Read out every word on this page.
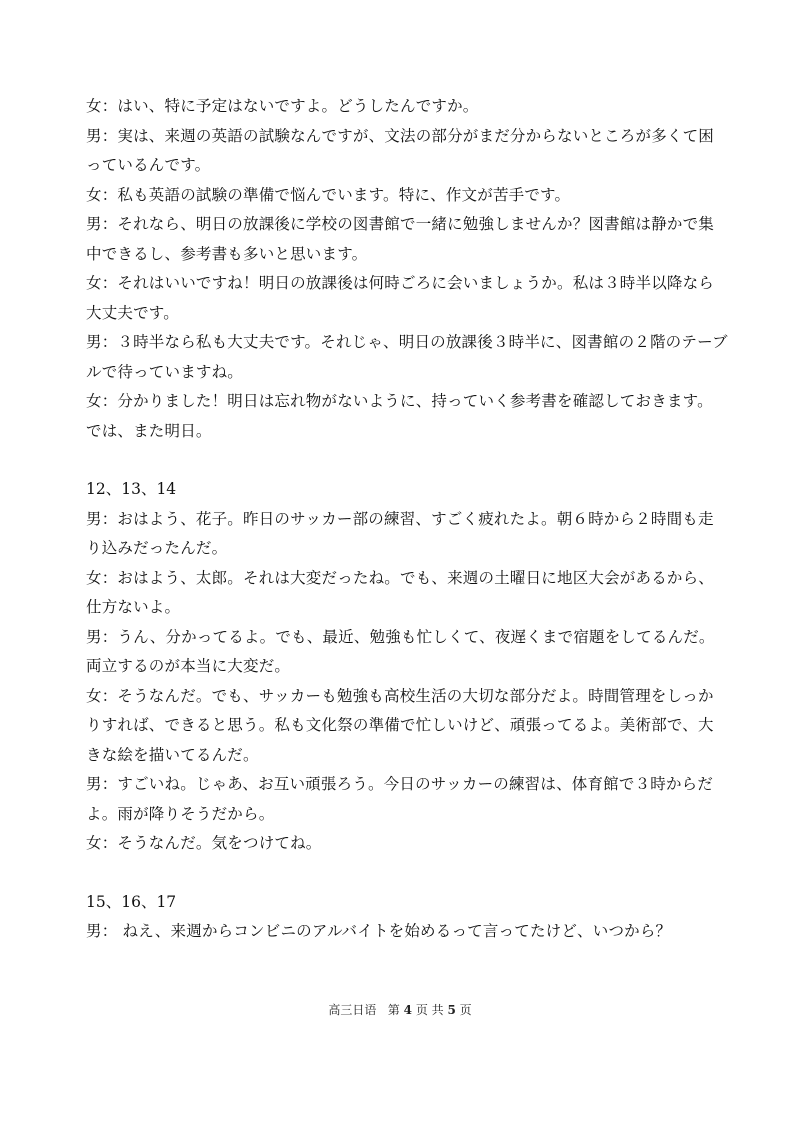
女：はい、特に予定はないですよ。どうしたんですか。
男：実は、来週の英語の試験なんですが、文法の部分がまだ分からないところが多くて困
っているんです。
女：私も英語の試験の準備で悩んでいます。特に、作文が苦手です。
男：それなら、明日の放課後に学校の図書館で一緒に勉強しませんか？図書館は静かで集
中できるし、参考書も多いと思います。
女：それはいいですね！明日の放課後は何時ごろに会いましょうか。私は３時半以降なら
大丈夫です。
男：３時半なら私も大丈夫です。それじゃ、明日の放課後３時半に、図書館の２階のテーブ
ルで待っていますね。
女：分かりました！明日は忘れ物がないように、持っていく参考書を確認しておきます。
では、また明日。
12、13、14
男：おはよう、花子。昨日のサッカー部の練習、すごく疲れたよ。朝６時から２時間も走
り込みだったんだ。
女：おはよう、太郎。それは大変だったね。でも、来週の土曜日に地区大会があるから、
仕方ないよ。
男：うん、分かってるよ。でも、最近、勉強も忙しくて、夜遅くまで宿題をしてるんだ。
両立するのが本当に大変だ。
女：そうなんだ。でも、サッカーも勉強も高校生活の大切な部分だよ。時間管理をしっか
りすれば、できると思う。私も文化祭の準備で忙しいけど、頑張ってるよ。美術部で、大
きな絵を描いてるんだ。
男：すごいね。じゃあ、お互い頑張ろう。今日のサッカーの練習は、体育館で３時からだ
よ。雨が降りそうだから。
女：そうなんだ。気をつけてね。
15、16、17
男： ねえ、来週からコンビニのアルバイトを始めるって言ってたけど、いつから？
高三日语 第 4 页 共 5 页
